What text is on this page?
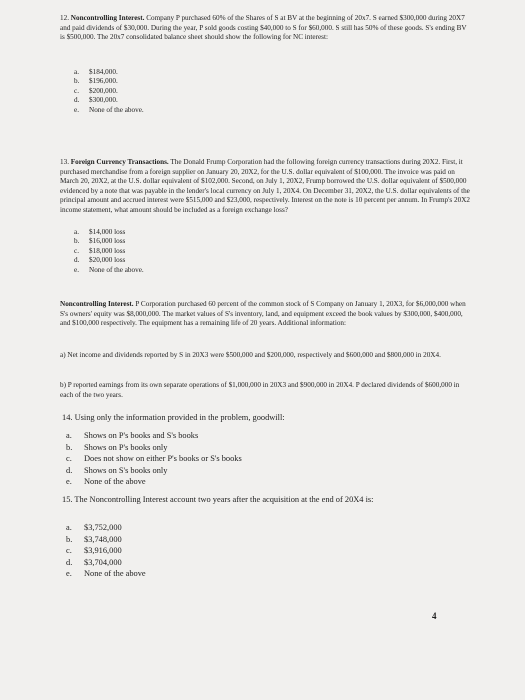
12. Noncontrolling Interest. Company P purchased 60% of the Shares of S at BV at the beginning of 20x7. S earned $300,000 during 20X7 and paid dividends of $30,000. During the year, P sold goods costing $40,000 to S for $60,000. S still has 50% of these goods. S's ending BV is $500,000. The 20x7 consolidated balance sheet should show the following for NC interest:

a.	$184,000.
b.	$196,000.
c.	$200,000.
d.	$300,000.
e.	None of the above.

13. Foreign Currency Transactions. The Donald Frump Corporation had the following foreign currency transactions during 20X2. First, it purchased merchandise from a foreign supplier on January 20, 20X2, for the U.S. dollar equivalent of $100,000. The invoice was paid on March 20, 20X2, at the U.S. dollar equivalent of $102,000. Second, on July 1, 20X2, Frump borrowed the U.S. dollar equivalent of $500,000 evidenced by a note that was payable in the lender's local currency on July 1, 20X4. On December 31, 20X2, the U.S. dollar equivalents of the principal amount and accrued interest were $515,000 and $23,000, respectively. Interest on the note is 10 percent per annum. In Frump's 20X2 income statement, what amount should be included as a foreign exchange loss?

a.	$14,000 loss
b.	$16,000 loss
c.	$18,000 loss
d.	$20,000 loss
e.	None of the above.

Noncontrolling Interest. P Corporation purchased 60 percent of the common stock of S Company on January 1, 20X3, for $6,000,000 when S's owners' equity was $8,000,000. The market values of S's inventory, land, and equipment exceed the book values by $300,000, $400,000, and $100,000 respectively. The equipment has a remaining life of 20 years. Additional information:

a) Net income and dividends reported by S in 20X3 were $500,000 and $200,000, respectively and $600,000 and $800,000 in 20X4.

b) P reported earnings from its own separate operations of $1,000,000 in 20X3 and $900,000 in 20X4. P declared dividends of $600,000 in each of the two years.

14. Using only the information provided in the problem, goodwill:

a.	Shows on P's books and S's books
b.	Shows on P's books only
c.	Does not show on either P's books or S's books
d.	Shows on S's books only
e.	None of the above

15. The Noncontrolling Interest account two years after the acquisition at the end of 20X4 is:

a.	$3,752,000
b.	$3,748,000
c.	$3,916,000
d.	$3,704,000
e.	None of the above
4
